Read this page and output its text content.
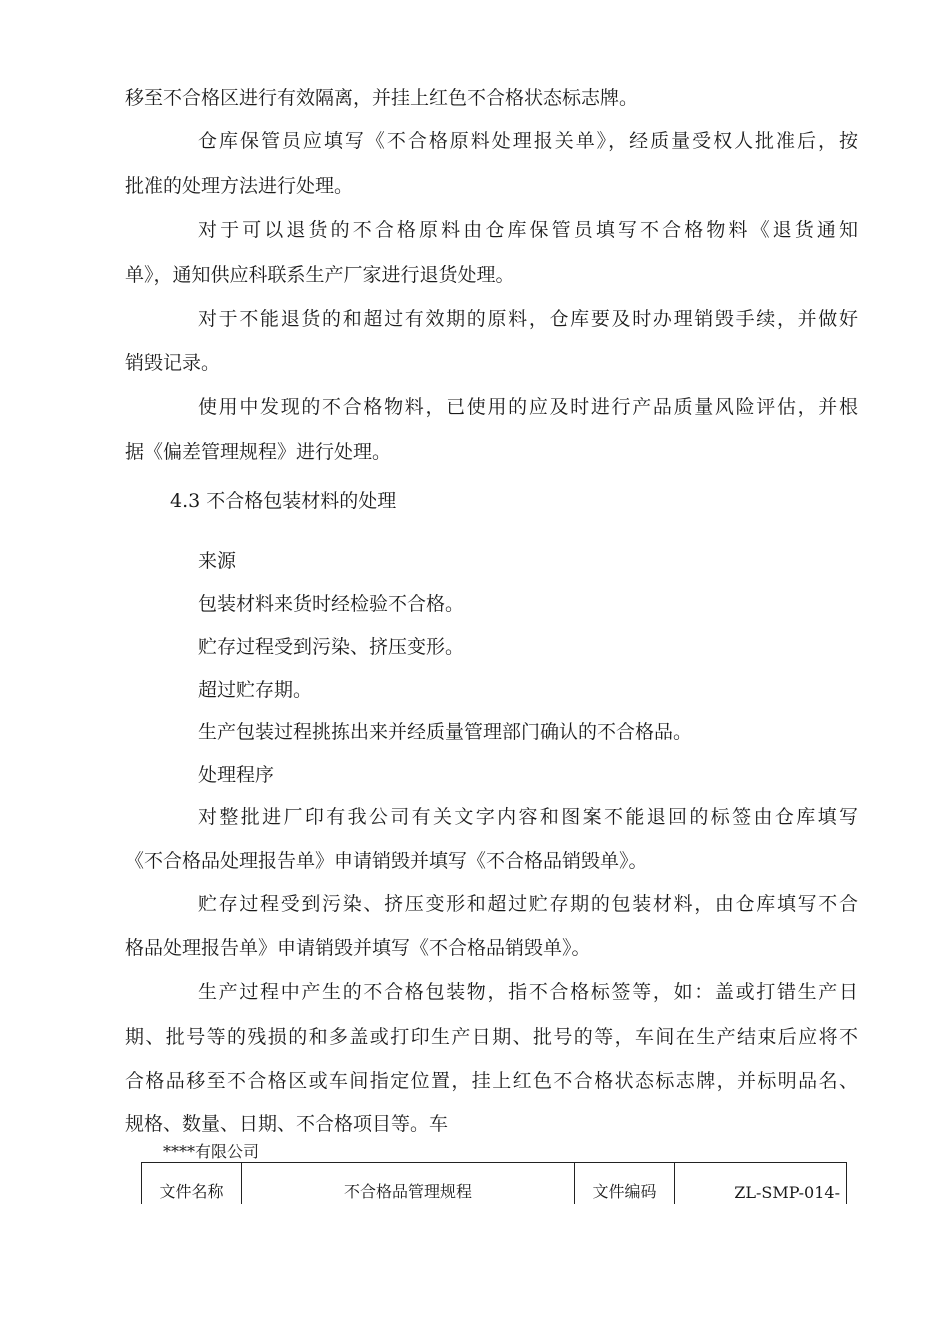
移至不合格区进行有效隔离，并挂上红色不合格状态标志牌。

仓库保管员应填写《不合格原料处理报关单》，经质量受权人批准后，按

批准的处理方法进行处理。

对于可以退货的不合格原料由仓库保管员填写不合格物料《退货通知

单》，通知供应科联系生产厂家进行退货处理。

对于不能退货的和超过有效期的原料，仓库要及时办理销毁手续，并做好

销毁记录。

使用中发现的不合格物料，已使用的应及时进行产品质量风险评估，并根

据《偏差管理规程》进行处理。

4.3 不合格包装材料的处理

来源

包装材料来货时经检验不合格。

贮存过程受到污染、挤压变形。

超过贮存期。

生产包装过程挑拣出来并经质量管理部门确认的不合格品。

处理程序

对整批进厂印有我公司有关文字内容和图案不能退回的标签由仓库填写

《不合格品处理报告单》申请销毁并填写《不合格品销毁单》。

贮存过程受到污染、挤压变形和超过贮存期的包装材料，由仓库填写不合

格品处理报告单》申请销毁并填写《不合格品销毁单》。

生产过程中产生的不合格包装物，指不合格标签等，如：盖或打错生产日

期、批号等的残损的和多盖或打印生产日期、批号的等，车间在生产结束后应将不

合格品移至不合格区或车间指定位置，挂上红色不合格状态标志牌，并标明品名、

规格、数量、日期、不合格项目等。车

****有限公司

文件名称	不合格品管理规程	文件编码	ZL-SMP-014-
